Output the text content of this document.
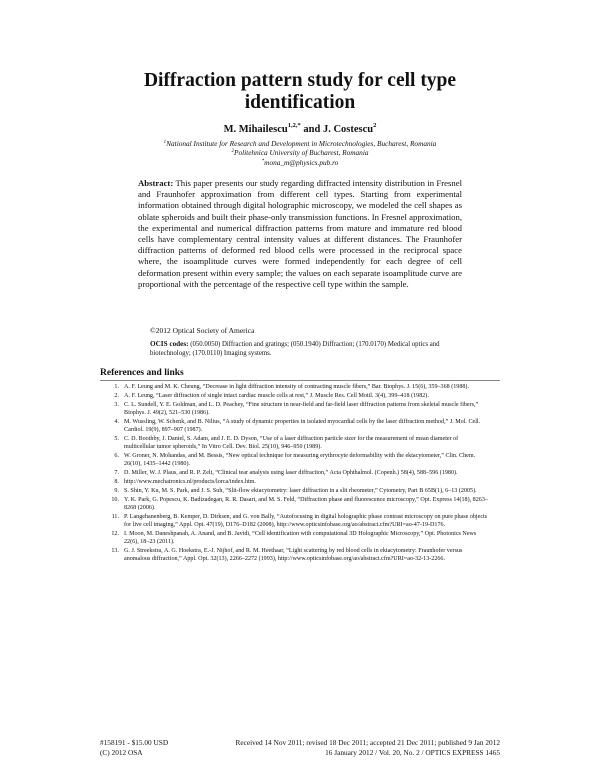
Diffraction pattern study for cell type
identification
M. Mihailescu$^{1,2,*}$ and J. Costescu$^2$
$^1$National Institute for Research and Development in Microtechnologies, Bucharest, Romania
$^2$Politehnica University of Bucharest, Romania
*mona_m@physics.pub.ro

Abstract: This paper presents our study regarding diffracted intensity distribution in Fresnel and Fraunhofer approximation from different cell types. Starting from experimental information obtained through digital holographic microscopy, we modeled the cell shapes as oblate spheroids and built their phase-only transmission functions. In Fresnel approximation, the experimental and numerical diffraction patterns from mature and immature red blood cells have complementary central intensity values at different distances. The Fraunhofer diffraction patterns of deformed red blood cells were processed in the reciprocal space where, the isoamplitude curves were formed independently for each degree of cell deformation present within every sample; the values on each separate isoamplitude curve are proportional with the percentage of the respective cell type within the sample.

©2012 Optical Society of America

OCIS codes: (050.0050) Diffraction and gratings; (050.1940) Diffraction; (170.0170) Medical optics and biotechnology; (170.0110) Imaging systems.

References and links
1. A. F. Leung and M. K. Cheung, “Decrease in light diffraction intensity of contracting muscle fibers,” Bar. Biophys. J. 15(6), 359–368 (1988).
2. A. F. Leung, “Laser diffraction of single intact cardiac muscle cells at rest,” J. Muscle Res. Cell Motil. 3(4), 399–418 (1982).
3. C. L. Sundell, Y. E. Goldman, and L. D. Peachey, “Fine structure in near-field and far-field laser diffraction patterns from skeletal muscle fibers,” Biophys. J. 49(2), 521–530 (1986).
4. M. Wussling, W. Schenk, and B. Nilius, “A study of dynamic properties in isolated myocardial cells by the laser diffraction method,” J. Mol. Cell. Cardiol. 19(9), 897–907 (1987).
5. C. D. Boothby, J. Daniel, S. Adam, and J. E. D. Dyson, “Use of a laser diffraction particle sizer for the measurement of mean diameter of multicellular tumor spheroids,” In Vitro Cell. Dev. Biol. 25(10), 946–950 (1989).
6. W. Groner, N. Mohandas, and M. Bessis, “New optical technique for measuring erythrocyte deformability with the ektacytometer,” Clin. Chem. 26(10), 1435–1442 (1980).
7. D. Miller, W. J. Plaus, and R. P. Zelt, “Clinical tear analysis using laser diffraction,” Acta Ophthalmol. (Copenh.) 58(4), 588–596 (1980).
8. http://www.mechatronics.nl/products/lorca/index.htm.
9. S. Shin, Y. Ku, M. S. Park, and J. S. Suh, “Slit-flow ektacytometry: laser diffraction in a slit rheometer,” Cytometry, Part B 65B(1), 6–13 (2005).
10. Y. K. Park, G. Popescu, K. Badizadegan, R. R. Dasari, and M. S. Feld, “Diffraction phase and fluorescence microscopy,” Opt. Express 14(18), 8263–8268 (2006).
11. P. Langehanenberg, B. Kemper, D. Dirksen, and G. von Bally, “Autofocusing in digital holographic phase contrast microscopy on pure phase objects for live cell imaging,” Appl. Opt. 47(19), D176–D182 (2008), http://www.opticsinfobase.org/ao/abstract.cfm?URI=ao-47-19-D176.
12. I. Moon, M. Daneshpanah, A. Anand, and B. Javidi, “Cell identification with computational 3D Holographic Microscopy,” Opt. Photonics News 22(6), 18–23 (2011).
13. G. J. Streekstra, A. G. Hoekstra, E.-J. Nijhof, and R. M. Heethaar, “Light scattering by red blood cells in ektacytometry: Fraunhofer versus anomalous diffraction,” Appl. Opt. 32(13), 2266–2272 (1993), http://www.opticsinfobase.org/ao/abstract.cfm?URI=ao-32-13-2266.
#158191 - $15.00 USD	Received 14 Nov 2011; revised 18 Dec 2011; accepted 21 Dec 2011; published 9 Jan 2012
(C) 2012 OSA	16 January 2012 / Vol. 20, No. 2 / OPTICS EXPRESS 1465
